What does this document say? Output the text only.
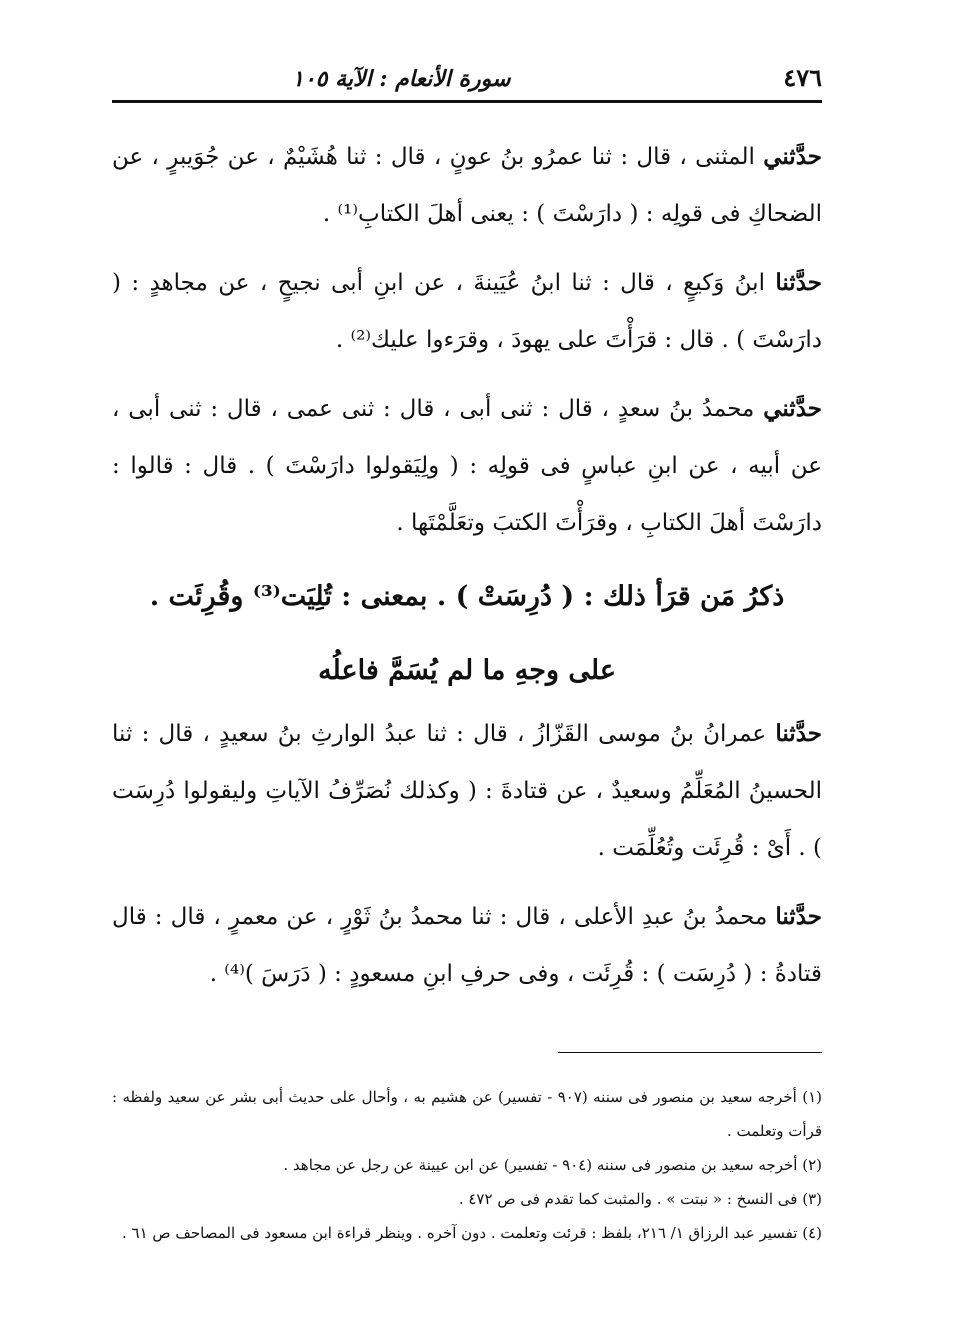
٤٧٦
سورة الأنعام : الآية ١٠٥

حدَّثني المثنى ، قال : ثنا عمرُو بنُ عونٍ ، قال : ثنا هُشَيْمٌ ، عن جُوَيبرٍ ، عن الضحاكِ فى قولِه : ( دارَسْتَ ) : يعنى أهلَ الكتابِ⁽¹⁾ .

حدَّثنا ابنُ وَكيعٍ ، قال : ثنا ابنُ عُيَينةَ ، عن ابنِ أبى نجيحٍ ، عن مجاهدٍ : ( دارَسْتَ ) . قال : قرَأْتَ على يهودَ ، وقرَءوا عليك⁽²⁾ .

حدَّثني محمدُ بنُ سعدٍ ، قال : ثنى أبى ، قال : ثنى عمى ، قال : ثنى أبى ، عن أبيه ، عن ابنِ عباسٍ فى قولِه : ( ولِيَقولوا دارَسْتَ ) . قال : قالوا : دارَسْتَ أهلَ الكتابِ ، وقرَأْتَ الكتبَ وتعَلَّمْتَها .

ذكرُ مَن قرَأ ذلك : ( دُرِسَتْ ) . بمعنى : تُلِيَت⁽³⁾ وقُرِئَت .
على وجهِ ما لم يُسَمَّ فاعلُه

حدَّثنا عمرانُ بنُ موسى القَزّازُ ، قال : ثنا عبدُ الوارثِ بنُ سعيدٍ ، قال : ثنا الحسينُ المُعَلِّمُ وسعيدٌ ، عن قتادةَ : ( وكذلك نُصَرِّفُ الآياتِ وليقولوا دُرِسَت ) . أَىْ : قُرِئَت وتُعُلِّمَت .

حدَّثنا محمدُ بنُ عبدِ الأعلى ، قال : ثنا محمدُ بنُ ثَوْرٍ ، عن معمرٍ ، قال : قال قتادةُ : ( دُرِسَت ) : قُرِئَت ، وفى حرفِ ابنِ مسعودٍ : ( دَرَسَ )⁽⁴⁾ .

(١) أخرجه سعيد بن منصور فى سننه (٩٠٧ - تفسير) عن هشيم به ، وأحال على حديث أبى بشر عن سعيد ولفظه : قرأت وتعلمت .

(٢) أخرجه سعيد بن منصور فى سننه (٩٠٤ - تفسير) عن ابن عيينة عن رجل عن مجاهد .

(٣) فى النسخ : « نبتت » . والمثبت كما تقدم فى ص ٤٧٢ .

(٤) تفسير عبد الرزاق ١/ ٢١٦، بلفظ : قرئت وتعلمت . دون آخره . وينظر قراءة ابن مسعود فى المصاحف ص ٦١ .
